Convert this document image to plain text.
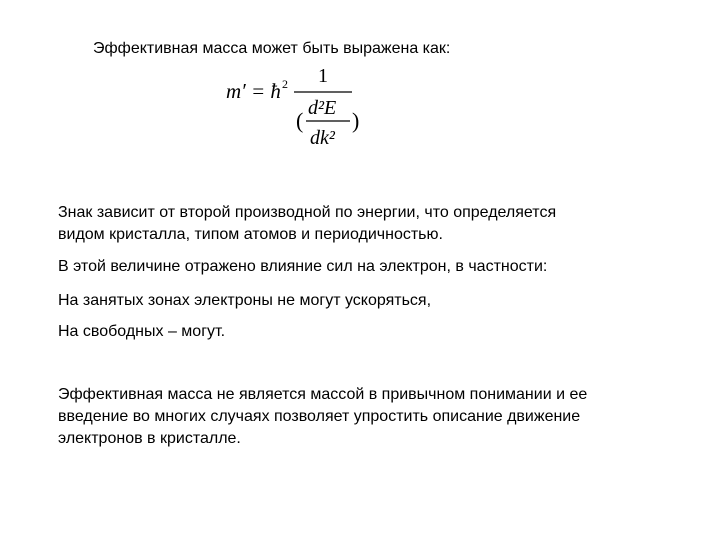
Эффективная масса может быть выражена как:

m′ = ħ 2 1
( d²E
dk²
)
Знак зависит от второй производной по энергии, что определяется
видом кристалла, типом атомов и периодичностью.

В этой величине отражено влияние сил на электрон, в частности:

На занятых зонах электроны не могут ускоряться,

На свободных – могут.

Эффективная масса не является массой в привычном понимании и ее
введение во многих случаях позволяет упростить описание движение
электронов в кристалле.
